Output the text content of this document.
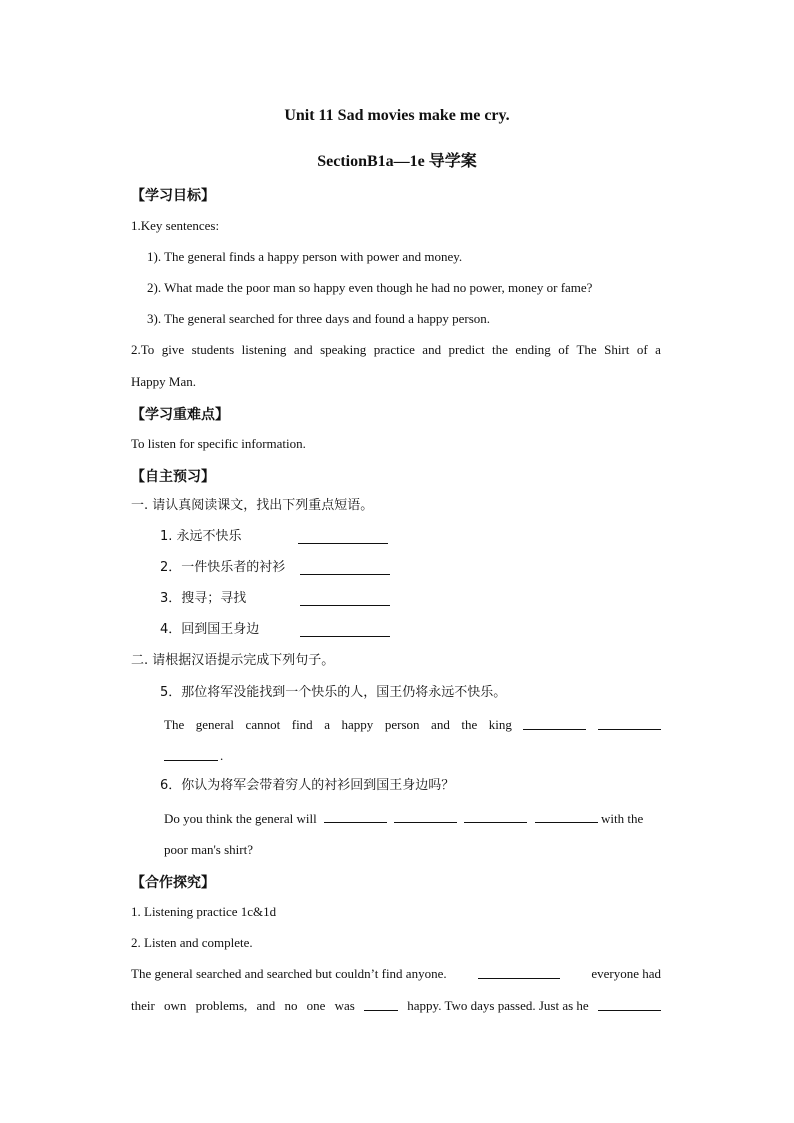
Unit 11 Sad movies make me cry.
SectionB1a—1e 导学案
【学习目标】
1.Key sentences:
1). The general finds a happy person with power and money.
2). What made the poor man so happy even though he had no power, money or fame?
3). The general searched for three days and found a happy person.
2.To give students listening and speaking practice and predict the ending of The Shirt of a
Happy Man.
【学习重难点】
To listen for specific information.
【自主预习】
一. 请认真阅读课文，找出下列重点短语。
1. 永远不快乐
2．一件快乐者的衬衫
3．搜寻；寻找
4．回到国王身边
二. 请根据汉语提示完成下列句子。
5．那位将军没能找到一个快乐的人，国王仍将永远不快乐。
The general cannot find a happy person and the king
.
6．你认为将军会带着穷人的衬衫回到国王身边吗？
Do you think the general will	with the
poor man's shirt?
【合作探究】
1. Listening practice 1c&1d
2. Listen and complete.
The general searched and searched but couldn’t find anyone.	everyone had
their own problems, and no one was	happy. Two days passed. Just as he
